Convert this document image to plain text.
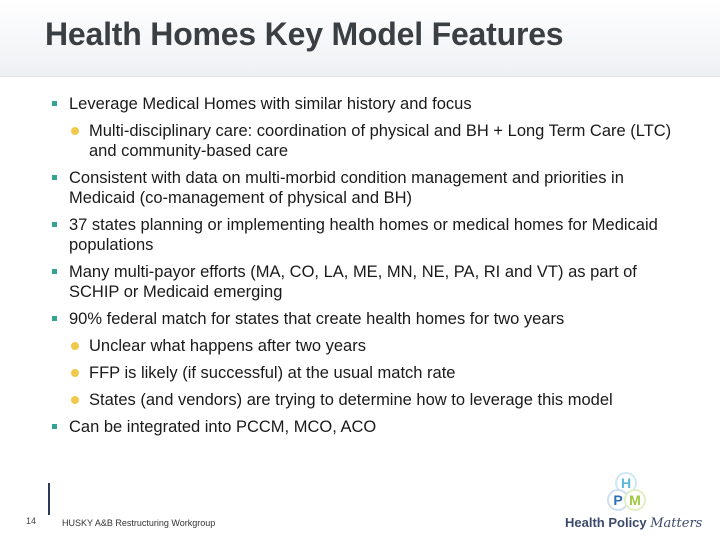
Health Homes Key Model Features
Leverage Medical Homes with similar history and focus
Multi-disciplinary care: coordination of physical and BH + Long Term Care (LTC) and community-based care
Consistent with data on multi-morbid condition management and priorities in Medicaid (co-management of physical and BH)
37 states planning or implementing health homes or medical homes for Medicaid populations
Many multi-payor efforts (MA, CO, LA, ME, MN, NE, PA, RI and VT) as part of SCHIP or Medicaid emerging
90% federal match for states that create health homes for two years
Unclear what happens after two years
FFP is likely (if successful) at the usual match rate
States (and vendors) are trying to determine how to leverage this model
Can be integrated into PCCM, MCO, ACO
14	HUSKY A&B Restructuring Workgroup
H
P M
Health Policy Matters
